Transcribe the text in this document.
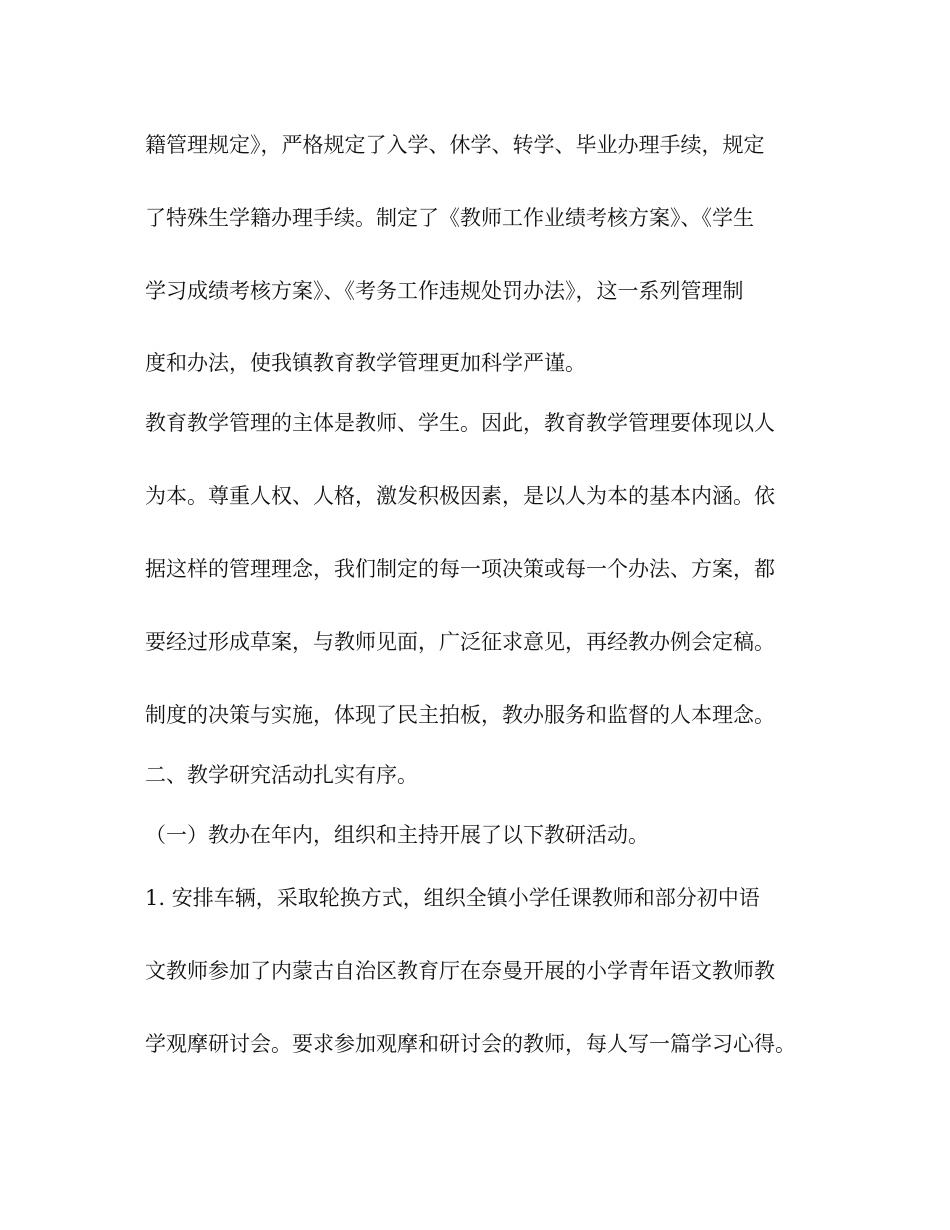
籍管理规定》，严格规定了入学、休学、转学、毕业办理手续，规定
了特殊生学籍办理手续。制定了《教师工作业绩考核方案》、《学生
学习成绩考核方案》、《考务工作违规处罚办法》，这一系列管理制
度和办法，使我镇教育教学管理更加科学严谨。
教育教学管理的主体是教师、学生。因此，教育教学管理要体现以人
为本。尊重人权、人格，激发积极因素，是以人为本的基本内涵。依
据这样的管理理念，我们制定的每一项决策或每一个办法、方案，都
要经过形成草案，与教师见面，广泛征求意见，再经教办例会定稿。
制度的决策与实施，体现了民主拍板，教办服务和监督的人本理念。
二、教学研究活动扎实有序。
（一）教办在年内，组织和主持开展了以下教研活动。
1. 安排车辆，采取轮换方式，组织全镇小学任课教师和部分初中语
文教师参加了内蒙古自治区教育厅在奈曼开展的小学青年语文教师教
学观摩研讨会。要求参加观摩和研讨会的教师，每人写一篇学习心得。
